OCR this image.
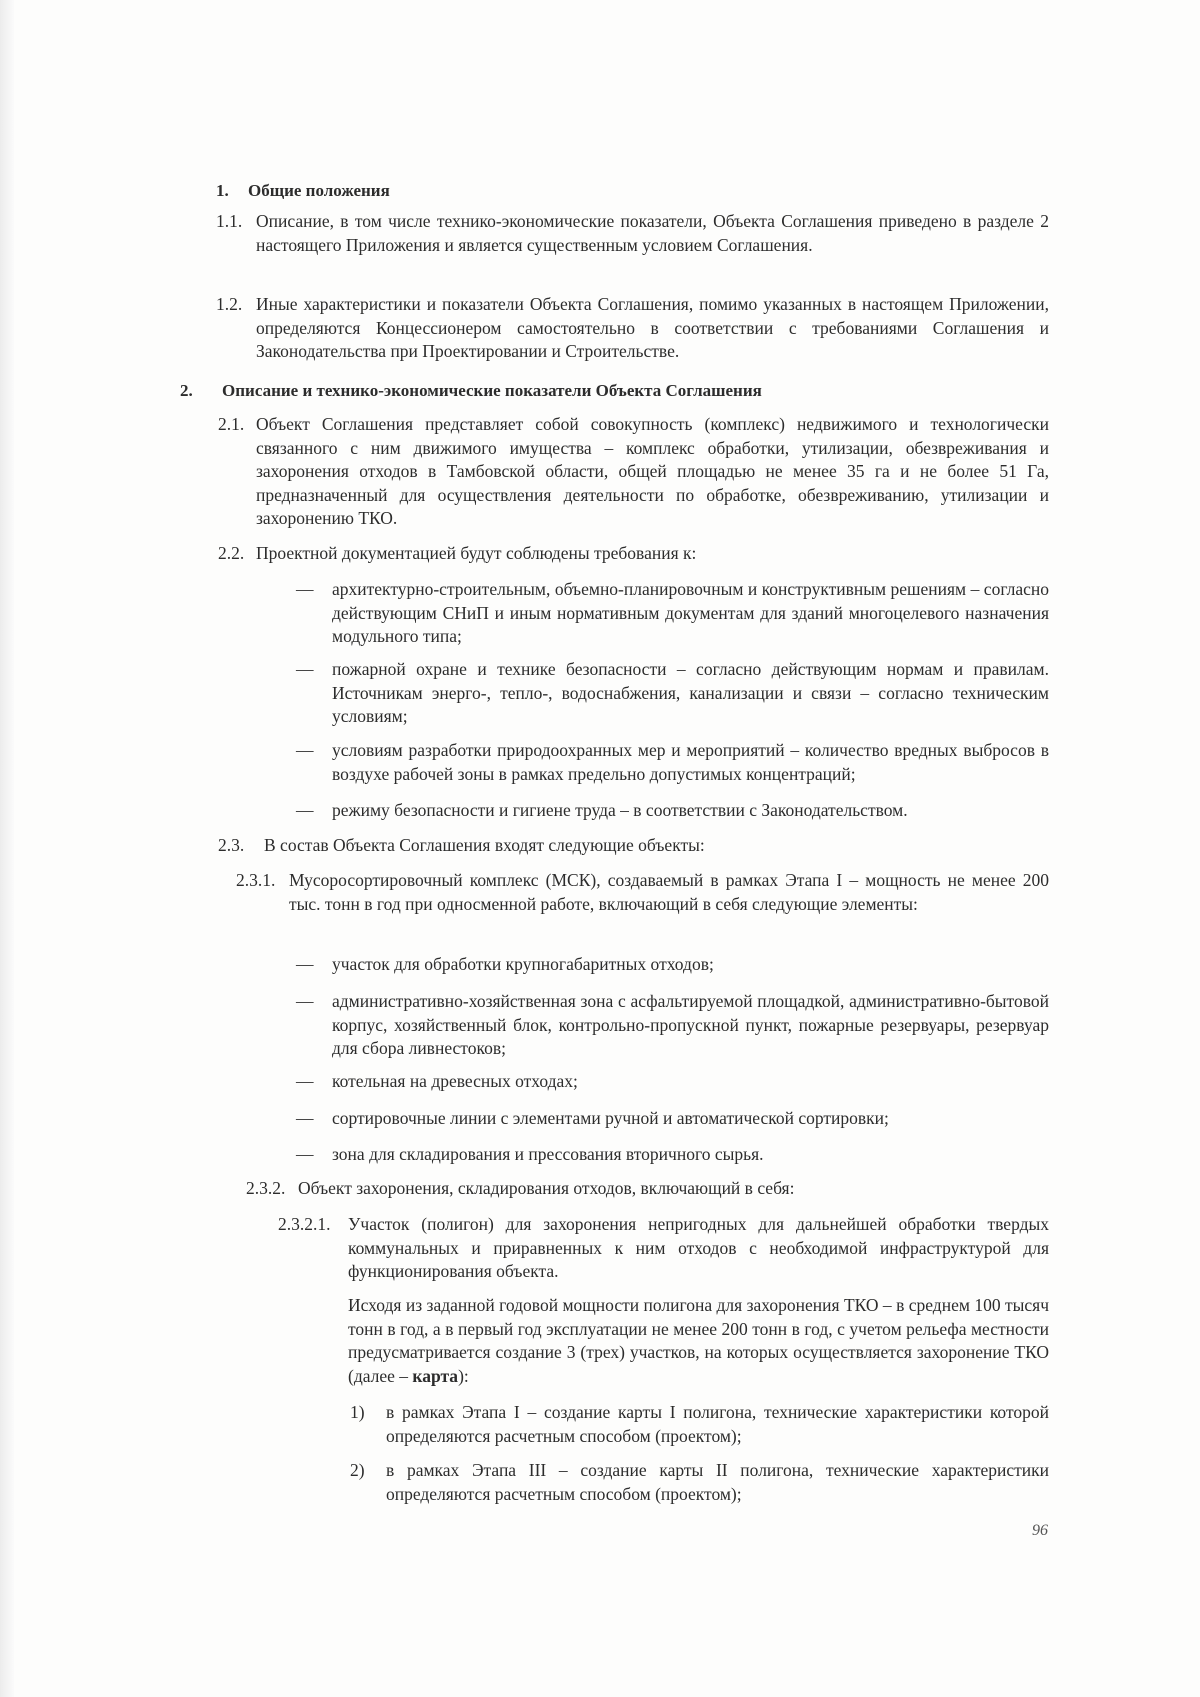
1. Общие положения
1.1. Описание, в том числе технико-экономические показатели, Объекта Соглашения приведено в разделе 2 настоящего Приложения и является существенным условием Соглашения.
1.2. Иные характеристики и показатели Объекта Соглашения, помимо указанных в настоящем Приложении, определяются Концессионером самостоятельно в соответствии с требованиями Соглашения и Законодательства при Проектировании и Строительстве.
2. Описание и технико-экономические показатели Объекта Соглашения
2.1. Объект Соглашения представляет собой совокупность (комплекс) недвижимого и технологически связанного с ним движимого имущества – комплекс обработки, утилизации, обезвреживания и захоронения отходов в Тамбовской области, общей площадью не менее 35 га и не более 51 Га, предназначенный для осуществления деятельности по обработке, обезвреживанию, утилизации и захоронению ТКО.
2.2. Проектной документацией будут соблюдены требования к:
— архитектурно-строительным, объемно-планировочным и конструктивным решениям – согласно действующим СНиП и иным нормативным документам для зданий многоцелевого назначения модульного типа;
— пожарной охране и технике безопасности – согласно действующим нормам и правилам. Источникам энерго-, тепло-, водоснабжения, канализации и связи – согласно техническим условиям;
— условиям разработки природоохранных мер и мероприятий – количество вредных выбросов в воздухе рабочей зоны в рамках предельно допустимых концентраций;
— режиму безопасности и гигиене труда – в соответствии с Законодательством.
2.3. В состав Объекта Соглашения входят следующие объекты:
2.3.1. Мусоросортировочный комплекс (МСК), создаваемый в рамках Этапа I – мощность не менее 200 тыс. тонн в год при односменной работе, включающий в себя следующие элементы:
— участок для обработки крупногабаритных отходов;
— административно-хозяйственная зона с асфальтируемой площадкой, административно-бытовой корпус, хозяйственный блок, контрольно-пропускной пункт, пожарные резервуары, резервуар для сбора ливнестоков;
— котельная на древесных отходах;
— сортировочные линии с элементами ручной и автоматической сортировки;
— зона для складирования и прессования вторичного сырья.
2.3.2. Объект захоронения, складирования отходов, включающий в себя:
2.3.2.1. Участок (полигон) для захоронения непригодных для дальнейшей обработки твердых коммунальных и приравненных к ним отходов с необходимой инфраструктурой для функционирования объекта.
Исходя из заданной годовой мощности полигона для захоронения ТКО – в среднем 100 тысяч тонн в год, а в первый год эксплуатации не менее 200 тонн в год, с учетом рельефа местности предусматривается создание 3 (трех) участков, на которых осуществляется захоронение ТКО (далее – карта):
1) в рамках Этапа I – создание карты I полигона, технические характеристики которой определяются расчетным способом (проектом);
2) в рамках Этапа III – создание карты II полигона, технические характеристики определяются расчетным способом (проектом);
96
